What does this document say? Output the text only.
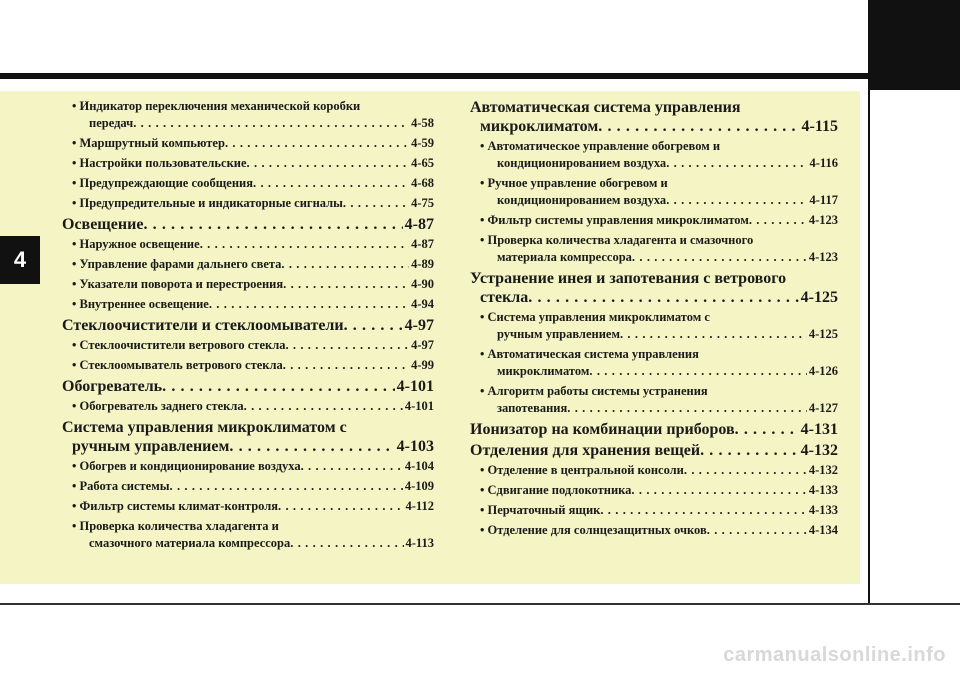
4
• Индикатор переключения механической коробки
передач . . .	4-58
• Маршрутный компьютер . . .	4-59
• Настройки пользовательские . . .	4-65
• Предупреждающие сообщения . . .	4-68
• Предупредительные и индикаторные сигналы . . .	4-75
Освещение . . .	4-87
• Наружное освещение . . .	4-87
• Управление фарами дальнего света . . .	4-89
• Указатели поворота и перестроения . . .	4-90
• Внутреннее освещение . . .	4-94
Стеклоочистители и стеклоомыватели . . .	4-97
• Стеклоочистители ветрового стекла . . .	4-97
• Стеклоомыватель ветрового стекла . . .	4-99
Обогреватель . . .	4-101
• Обогреватель заднего стекла . . .	4-101
Система управления микроклиматом с
ручным управлением . . .	4-103
• Обогрев и кондиционирование воздуха . . .	4-104
• Работа системы . . .	4-109
• Фильтр системы климат-контроля . . .	4-112
• Проверка количества хладагента и
смазочного материала компрессора . . .	4-113
Автоматическая система управления
микроклиматом . . .	4-115
• Автоматическое управление обогревом и
кондиционированием воздуха . . .	4-116
• Ручное управление обогревом и
кондиционированием воздуха . . .	4-117
• Фильтр системы управления микроклиматом . . .	4-123
• Проверка количества хладагента и смазочного
материала компрессора . . .	4-123
Устранение инея и запотевания с ветрового
стекла . . .	4-125
• Система управления микроклиматом с
ручным управлением . . .	4-125
• Автоматическая система управления
микроклиматом . . .	4-126
• Алгоритм работы системы устранения
запотевания . . .	4-127
Ионизатор на комбинации приборов . . .	4-131
Отделения для хранения вещей . . .	4-132
• Отделение в центральной консоли . . .	4-132
• Сдвигание подлокотника . . .	4-133
• Перчаточный ящик . . .	4-133
• Отделение для солнцезащитных очков . . .	4-134
carmanualsonline.info
